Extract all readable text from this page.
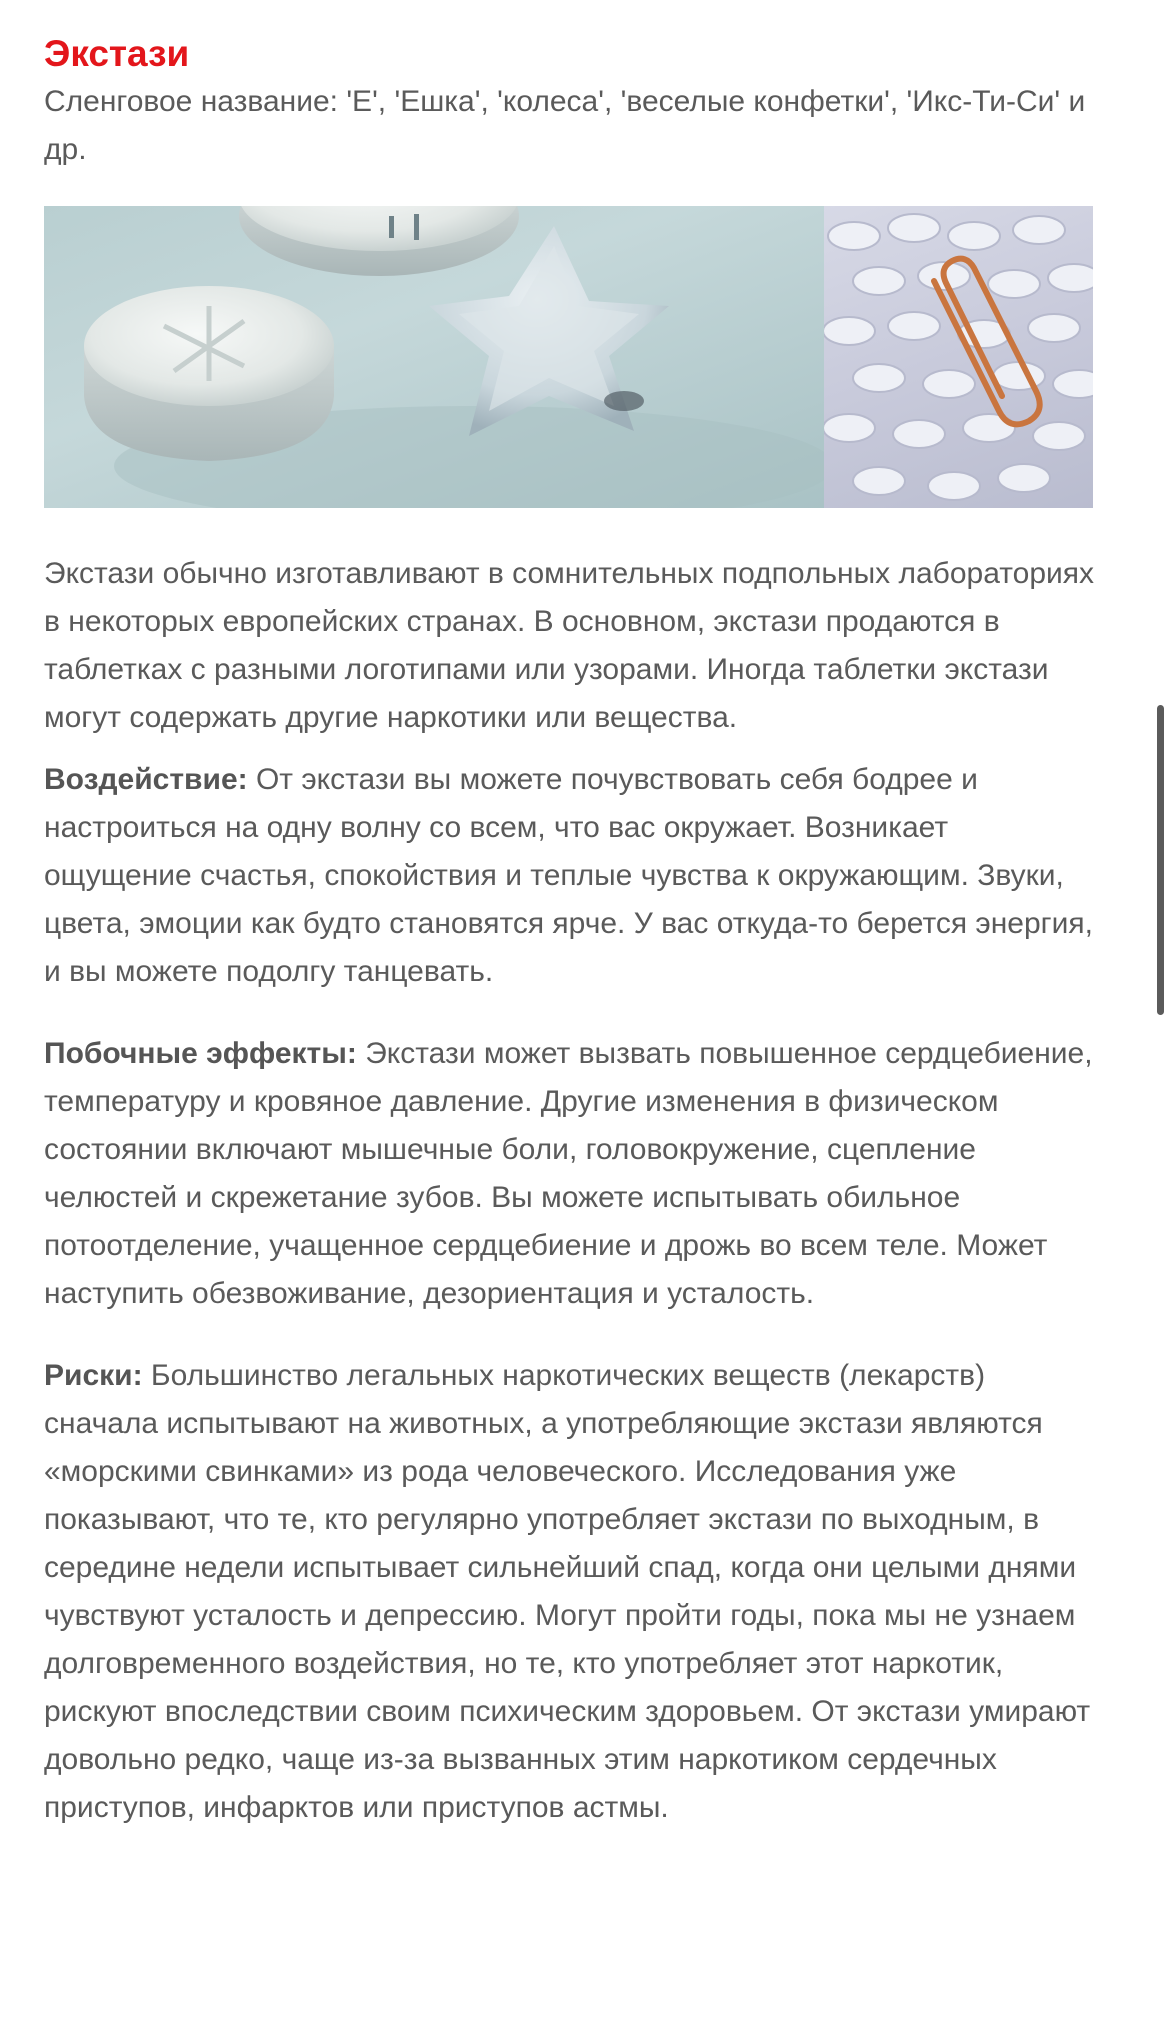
Экстази
Сленговое название: 'Е', 'Ешка', 'колеса', 'веселые конфетки', 'Икс-Ти-Си' и др.

Экстази обычно изготавливают в сомнительных подпольных лабораториях в некоторых европейских странах. В основном, экстази продаются в таблетках с разными логотипами или узорами. Иногда таблетки экстази могут содержать другие наркотики или вещества.

Воздействие: От экстази вы можете почувствовать себя бодрее и настроиться на одну волну со всем, что вас окружает. Возникает ощущение счастья, спокойствия и теплые чувства к окружающим. Звуки, цвета, эмоции как будто становятся ярче. У вас откуда-то берется энергия, и вы можете подолгу танцевать.

Побочные эффекты: Экстази может вызвать повышенное сердцебиение, температуру и кровяное давление. Другие изменения в физическом состоянии включают мышечные боли, головокружение, сцепление челюстей и скрежетание зубов. Вы можете испытывать обильное потоотделение, учащенное сердцебиение и дрожь во всем теле. Может наступить обезвоживание, дезориентация и усталость.

Риски: Большинство легальных наркотических веществ (лекарств) сначала испытывают на животных, а употребляющие экстази являются «морскими свинками» из рода человеческого. Исследования уже показывают, что те, кто регулярно употребляет экстази по выходным, в середине недели испытывает сильнейший спад, когда они целыми днями чувствуют усталость и депрессию. Могут пройти годы, пока мы не узнаем долговременного воздействия, но те, кто употребляет этот наркотик, рискуют впоследствии своим психическим здоровьем. От экстази умирают довольно редко, чаще из-за вызванных этим наркотиком сердечных приступов, инфарктов или приступов астмы.
